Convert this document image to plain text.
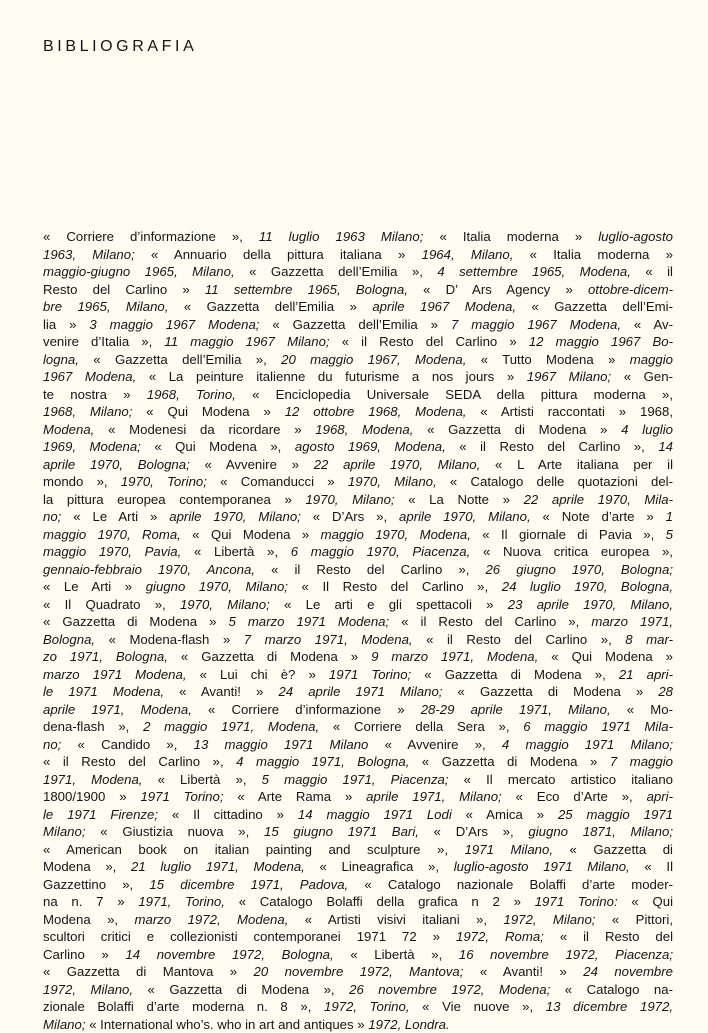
BIBLIOGRAFIA

« Corriere d’informazione », 11 luglio 1963 Milano; « Italia moderna » luglio-agosto
1963, Milano; « Annuario della pittura italiana » 1964, Milano, « Italia moderna »
maggio-giugno 1965, Milano, « Gazzetta dell’Emilia », 4 settembre 1965, Modena, « il
Resto del Carlino » 11 settembre 1965, Bologna, « D’ Ars Agency » ottobre-dicem-
bre 1965, Milano, « Gazzetta dell’Emilia » aprile 1967 Modena, « Gazzetta dell’Emi-
lia » 3 maggio 1967 Modena; « Gazzetta dell’Emilia » 7 maggio 1967 Modena, « Av-
venire d’Italia », 11 maggio 1967 Milano; « il Resto del Carlino » 12 maggio 1967 Bo-
logna, « Gazzetta dell’Emilia », 20 maggio 1967, Modena, « Tutto Modena » maggio
1967 Modena, « La peinture italienne du futurisme a nos jours » 1967 Milano; « Gen-
te nostra » 1968, Torino, « Enciclopedia Universale SEDA della pittura moderna »,
1968, Milano; « Qui Modena » 12 ottobre 1968, Modena, « Artisti raccontati » 1968,
Modena, « Modenesi da ricordare » 1968, Modena, « Gazzetta di Modena » 4 luglio
1969, Modena; « Qui Modena », agosto 1969, Modena, « il Resto del Carlino », 14
aprile 1970, Bologna; « Avvenire » 22 aprile 1970, Milano, « L Arte italiana per il
mondo », 1970, Torino; « Comanducci » 1970, Milano, « Catalogo delle quotazioni del-
la pittura europea contemporanea » 1970, Milano; « La Notte » 22 aprile 1970, Mila-
no; « Le Arti » aprile 1970, Milano; « D’Ars », aprile 1970, Milano, « Note d’arte » 1
maggio 1970, Roma, « Qui Modena » maggio 1970, Modena, « Il giornale di Pavia », 5
maggio 1970, Pavia, « Libertà », 6 maggio 1970, Piacenza, « Nuova critica europea »,
gennaio-febbraio 1970, Ancona, « il Resto del Carlino », 26 giugno 1970, Bologna;
« Le Arti » giugno 1970, Milano; « Il Resto del Carlino », 24 luglio 1970, Bologna,
« Il Quadrato », 1970, Milano; « Le arti e gli spettacoli » 23 aprile 1970, Milano,
« Gazzetta di Modena » 5 marzo 1971 Modena; « il Resto del Carlino », marzo 1971,
Bologna, « Modena-flash » 7 marzo 1971, Modena, « il Resto del Carlino », 8 mar-
zo 1971, Bologna, « Gazzetta di Modena » 9 marzo 1971, Modena, « Qui Modena »
marzo 1971 Modena, « Lui chi è? » 1971 Torino; « Gazzetta di Modena », 21 apri-
le 1971 Modena, « Avanti! » 24 aprile 1971 Milano; « Gazzetta di Modena » 28
aprile 1971, Modena, « Corriere d’informazione » 28-29 aprile 1971, Milano, « Mo-
dena-flash », 2 maggio 1971, Modena, « Corriere della Sera », 6 maggio 1971 Mila-
no; « Candido », 13 maggio 1971 Milano « Avvenire », 4 maggio 1971 Milano;
« il Resto del Carlino », 4 maggio 1971, Bologna, « Gazzetta di Modena » 7 maggio
1971, Modena, « Libertà », 5 maggio 1971, Piacenza; « Il mercato artistico italiano
1800/1900 » 1971 Torino; « Arte Rama » aprile 1971, Milano; « Eco d’Arte », apri-
le 1971 Firenze; « Il cittadino » 14 maggio 1971 Lodi « Amica » 25 maggio 1971
Milano; « Giustizia nuova », 15 giugno 1971 Bari, « D’Ars », giugno 1871, Milano;
« American book on italian painting and sculpture », 1971 Milano, « Gazzetta di
Modena », 21 luglio 1971, Modena, « Lineagrafica », luglio-agosto 1971 Milano, « Il
Gazzettino », 15 dicembre 1971, Padova, « Catalogo nazionale Bolaffi d’arte moder-
na n. 7 » 1971, Torino, « Catalogo Bolaffi della grafica n 2 » 1971 Torino: « Qui
Modena », marzo 1972, Modena, « Artisti visivi italiani », 1972, Milano; « Pittori,
scultori critici e collezionisti contemporanei 1971 72 » 1972, Roma; « il Resto del
Carlino » 14 novembre 1972, Bologna, « Libertà », 16 novembre 1972, Piacenza;
« Gazzetta di Mantova » 20 novembre 1972, Mantova; « Avanti! » 24 novembre
1972, Milano, « Gazzetta di Modena », 26 novembre 1972, Modena; « Catalogo na-
zionale Bolaffi d’arte moderna n. 8 », 1972, Torino, « Vie nuove », 13 dicembre 1972,
Milano; « International who’s. who in art and antiques » 1972, Londra.
